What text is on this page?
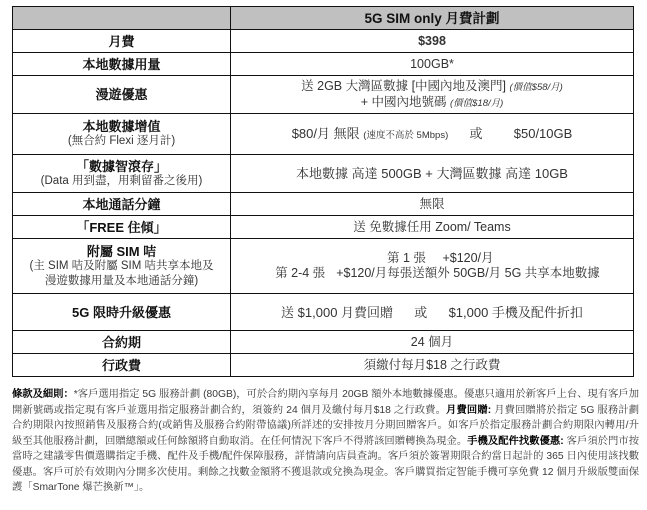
	5G SIM only 月費計劃
月費	$398
本地數據用量	100GB*
漫遊優惠	送 2GB 大灣區數據 [中國內地及澳門] (價值$58/月)
+ 中國內地號碼 (價值$18/月)

本地數據增值
(無合約 Flexi 逐月計)	$80/月 無限 (速度不高於 5Mbps) 或 $50/10GB
「數據智滾存」
(Data 用到盡，用剩留番之後用)	本地數據 高達 500GB + 大灣區數據 高達 10GB
本地通話分鐘	無限
「FREE 住傾」	送 免數據任用 Zoom/ Teams
附屬 SIM 咭
(主 SIM 咭及附屬 SIM 咭共享本地及
漫遊數據用量及本地通話分鐘)	第 1 張 +$120/月
第 2-4 張 +$120/月每張送額外 50GB/月 5G 共享本地數據

5G 限時升級優惠	送 $1,000 月費回贈 或 $1,000 手機及配件折扣
合約期	24 個月
行政費	須繳付每月$18 之行政費
條款及細則：*客戶選用指定 5G 服務計劃 (80GB)，可於合約期內享每月 20GB 額外本地數據優惠。優惠只適用於新客戶上台、現有客戶加開新號碼或指定現有客戶並選用指定服務計劃合約，須簽約 24 個月及繳付每月$18 之行政費。月費回贈: 月費回贈將於指定 5G 服務計劃合約期限內按照銷售及服務合約(或銷售及服務合約附帶協議)所詳述的安排按月分期回贈客戶。如客戶於指定服務計劃合約期限內轉用/升級至其他服務計劃，回贈總額或任何餘額將自動取消。在任何情況下客戶不得將該回贈轉換為現金。手機及配件找數優惠: 客戶須於門市按當時之建議零售價選購指定手機、配件及手機/配件保障服務，詳情請向店員查詢。客戶須於簽署期限合約當日起計的 365 日內使用該找數優惠。客戶可於有效期內分開多次使用。剩餘之找數金額將不獲退款或兌換為現金。客戶購買指定智能手機可享免費 12 個月升級版雙面保護「SmarTone 爆芒換新™」。
